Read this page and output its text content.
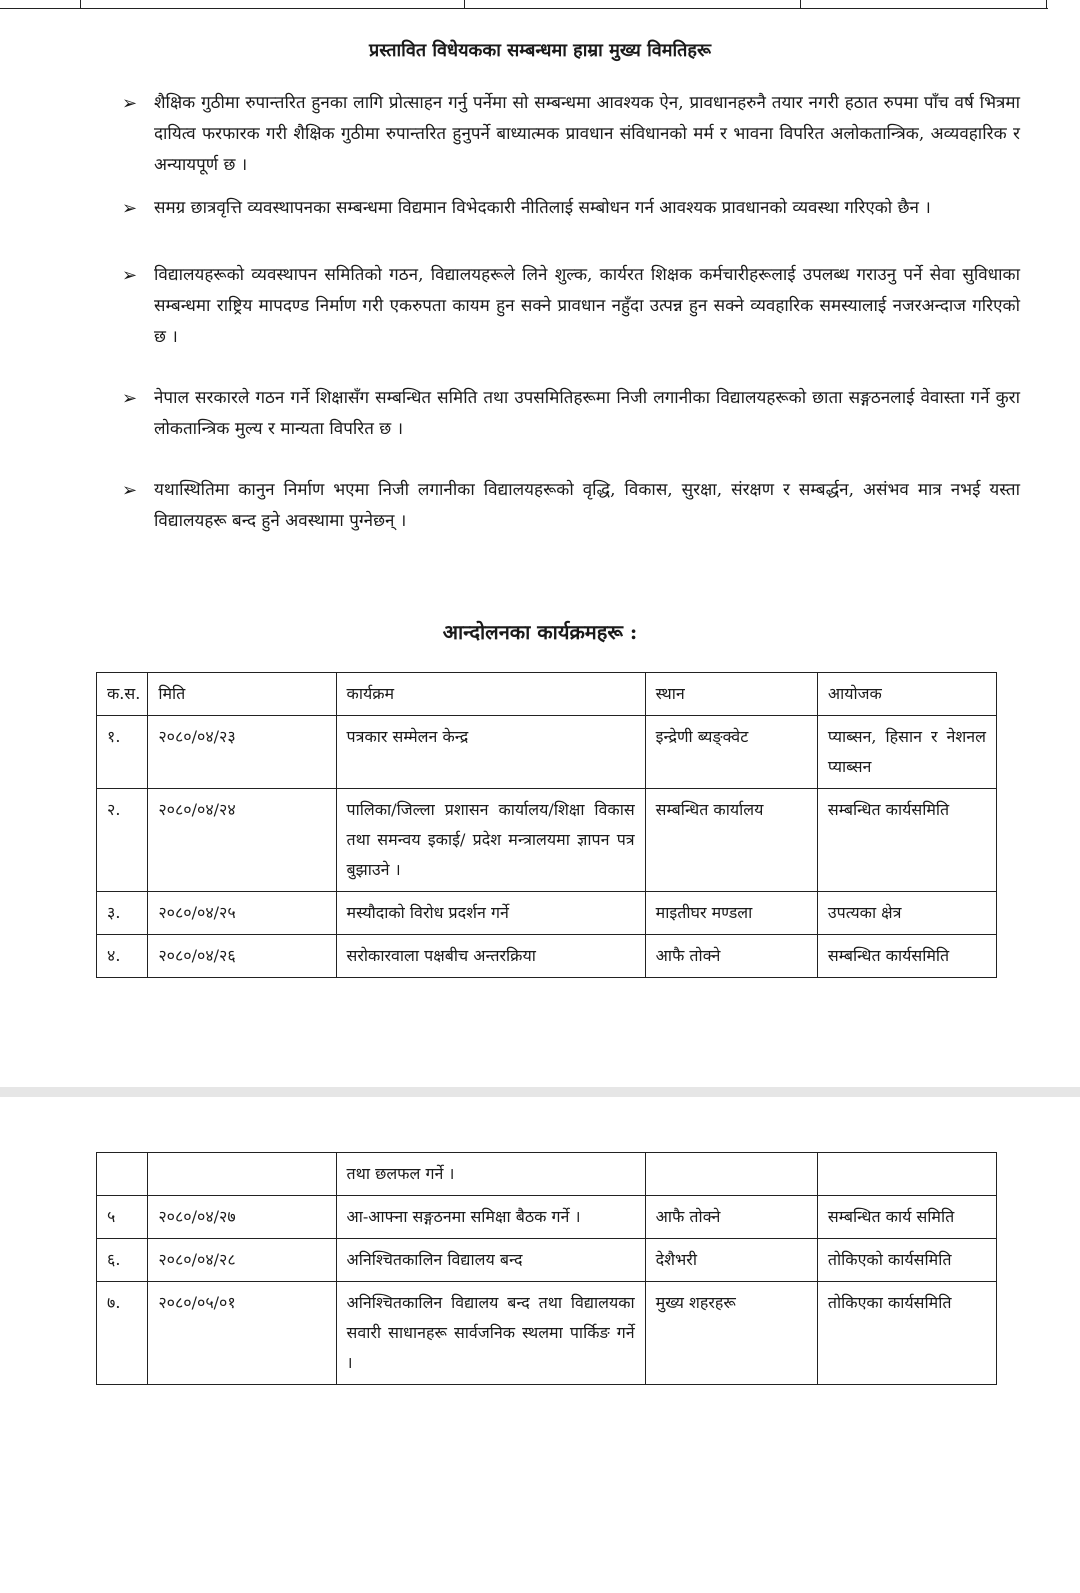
प्रस्तावित विधेयकका सम्बन्धमा हाम्रा मुख्य विमतिहरू
➢ शैक्षिक गुठीमा रुपान्तरित हुनका लागि प्रोत्साहन गर्नु पर्नेमा सो सम्बन्धमा आवश्यक ऐन, प्रावधानहरुनै तयार नगरी हठात रुपमा पाँच वर्ष भित्रमा दायित्व फरफारक गरी शैक्षिक गुठीमा रुपान्तरित हुनुपर्ने बाध्यात्मक प्रावधान संविधानको मर्म र भावना विपरित अलोकतान्त्रिक, अव्यवहारिक र अन्यायपूर्ण छ ।
➢ समग्र छात्रवृत्ति व्यवस्थापनका सम्बन्धमा विद्यमान विभेदकारी नीतिलाई सम्बोधन गर्न आवश्यक प्रावधानको व्यवस्था गरिएको छैन ।
➢ विद्यालयहरूको व्यवस्थापन समितिको गठन, विद्यालयहरूले लिने शुल्क, कार्यरत शिक्षक कर्मचारीहरूलाई उपलब्ध गराउनु पर्ने सेवा सुविधाका सम्बन्धमा राष्ट्रिय मापदण्ड निर्माण गरी एकरुपता कायम हुन सक्ने प्रावधान नहुँदा उत्पन्न हुन सक्ने व्यवहारिक समस्यालाई नजरअन्दाज गरिएको छ ।
➢ नेपाल सरकारले गठन गर्ने शिक्षासँग सम्बन्धित समिति तथा उपसमितिहरूमा निजी लगानीका विद्यालयहरूको छाता सङ्गठनलाई वेवास्ता गर्ने कुरा लोकतान्त्रिक मुल्य र मान्यता विपरित छ ।
➢ यथास्थितिमा कानुन निर्माण भएमा निजी लगानीका विद्यालयहरूको वृद्धि, विकास, सुरक्षा, संरक्षण र सम्बर्द्धन, असंभव मात्र नभई यस्ता विद्यालयहरू बन्द हुने अवस्थामा पुग्नेछन् ।
आन्दोलनका कार्यक्रमहरू :
क.स.	मिति	कार्यक्रम	स्थान	आयोजक
१.	२०८०/०४/२३	पत्रकार सम्मेलन केन्द्र	इन्द्रेणी ब्यङ्क्वेट	प्याब्सन, हिसान र नेशनल प्याब्सन
२.	२०८०/०४/२४	पालिका/जिल्ला प्रशासन कार्यालय/शिक्षा विकास तथा समन्वय इकाई/ प्रदेश मन्त्रालयमा ज्ञापन पत्र बुझाउने ।	सम्बन्धित कार्यालय	सम्बन्धित कार्यसमिति
३.	२०८०/०४/२५	मस्यौदाको विरोध प्रदर्शन गर्ने	माइतीघर मण्डला	उपत्यका क्षेत्र
४.	२०८०/०४/२६	सरोकारवाला पक्षबीच अन्तरक्रिया	आफै तोक्ने	सम्बन्धित कार्यसमिति
		तथा छलफल गर्ने ।		
५	२०८०/०४/२७	आ-आफ्ना सङ्गठनमा समिक्षा बैठक गर्ने ।	आफै तोक्ने	सम्बन्धित कार्य समिति
६.	२०८०/०४/२८	अनिश्चितकालिन विद्यालय बन्द	देशैभरी	तोकिएको कार्यसमिति
७.	२०८०/०५/०१	अनिश्चितकालिन विद्यालय बन्द तथा विद्यालयका सवारी साधानहरू सार्वजनिक स्थलमा पार्किङ गर्ने ।	मुख्य शहरहरू	तोकिएका कार्यसमिति
